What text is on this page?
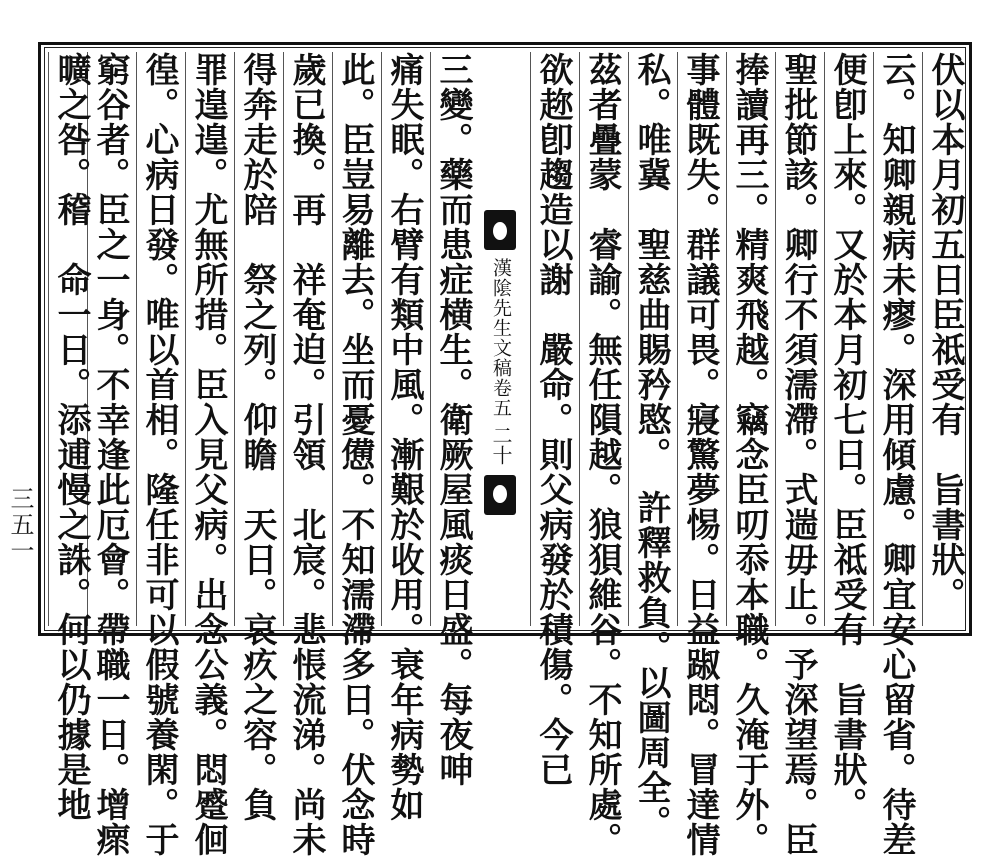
伏以本月初五日臣祗受有　旨書狀。
云。知卿親病未瘳。深用傾慮。卿宜安心留省。待差
便卽上來。又於本月初七日。臣祗受有　旨書狀。
聖批節該。卿行不須濡滯。式遄毋止。予深望焉。臣
捧讀再三。精爽飛越。竊念臣叨忝本職。久淹于外。
事體既失。群議可畏。寢驚夢惕。日益踧悶。冒達情
私。唯冀　聖慈曲賜矜愍。　許釋救負。以圖周全。
茲者疊蒙　睿諭。無任隕越。狼狽維谷。不知所處。
欲趂卽趨造以謝　嚴命。則父病發於積傷。今已
漢隂先生文稿卷五
二十
三變。藥而患症横生。衛厥屋風痰日盛。每夜呻
痛失眠。右臂有類中風。漸艱於收用。衰年病勢如
此。臣豈易離去。坐而憂憊。不知濡滯多日。伏念時
歲已換。再　祥奄迫。引領　北宸。悲悵流涕。尚未
得奔走於陪　祭之列。仰瞻　天日。哀疚之容。負
罪遑遑。尤無所措。臣入見父病。出念公義。悶蹙佪
徨。心病日發。唯以首相。隆任非可以假號養閑。于
窮谷者。臣之一身。不幸逢此厄會。帶職一日。增瘝
曠之咎。稽　命一日。添逋慢之誅。何以仍據是地
三五一
